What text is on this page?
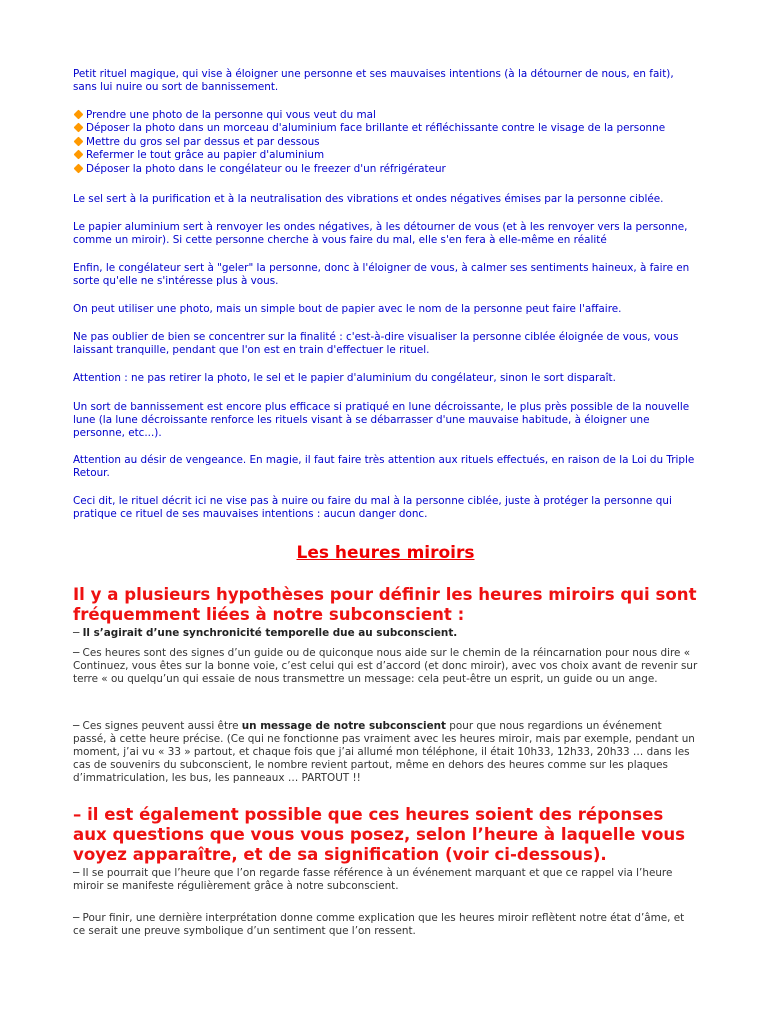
Petit rituel magique, qui vise à éloigner une personne et ses mauvaises intentions (à la détourner de nous, en fait), sans lui nuire ou sort de bannissement.

Prendre une photo de la personne qui vous veut du mal
Déposer la photo dans un morceau d'aluminium face brillante et réfléchissante contre le visage de la personne
Mettre du gros sel par dessus et par dessous
Refermer le tout grâce au papier d'aluminium
Déposer la photo dans le congélateur ou le freezer d'un réfrigérateur

Le sel sert à la purification et à la neutralisation des vibrations et ondes négatives émises par la personne ciblée.

Le papier aluminium sert à renvoyer les ondes négatives, à les détourner de vous (et à les renvoyer vers la personne, comme un miroir). Si cette personne cherche à vous faire du mal, elle s'en fera à elle-même en réalité

Enfin, le congélateur sert à "geler" la personne, donc à l'éloigner de vous, à calmer ses sentiments haineux, à faire en sorte qu'elle ne s'intéresse plus à vous.

On peut utiliser une photo, mais un simple bout de papier avec le nom de la personne peut faire l'affaire.

Ne pas oublier de bien se concentrer sur la finalité : c'est-à-dire visualiser la personne ciblée éloignée de vous, vous laissant tranquille, pendant que l'on est en train d'effectuer le rituel.

Attention : ne pas retirer la photo, le sel et le papier d'aluminium du congélateur, sinon le sort disparaît.

Un sort de bannissement est encore plus efficace si pratiqué en lune décroissante, le plus près possible de la nouvelle lune (la lune décroissante renforce les rituels visant à se débarrasser d'une mauvaise habitude, à éloigner une personne, etc...).

Attention au désir de vengeance. En magie, il faut faire très attention aux rituels effectués, en raison de la Loi du Triple Retour.

Ceci dit, le rituel décrit ici ne vise pas à nuire ou faire du mal à la personne ciblée, juste à protéger la personne qui pratique ce rituel de ses mauvaises intentions : aucun danger donc.

Les heures miroirs
Il y a plusieurs hypothèses pour définir les heures miroirs qui sont fréquemment liées à notre subconscient :

─ Il s’agirait d’une synchronicité temporelle due au subconscient.

─ Ces heures sont des signes d’un guide ou de quiconque nous aide sur le chemin de la réincarnation pour nous dire « Continuez, vous êtes sur la bonne voie, c’est celui qui est d’accord (et donc miroir), avec vos choix avant de revenir sur terre « ou quelqu’un qui essaie de nous transmettre un message: cela peut-être un esprit, un guide ou un ange.

─ Ces signes peuvent aussi être un message de notre subconscient pour que nous regardions un événement passé, à cette heure précise. (Ce qui ne fonctionne pas vraiment avec les heures miroir, mais par exemple, pendant un moment, j’ai vu « 33 » partout, et chaque fois que j’ai allumé mon téléphone, il était 10h33, 12h33, 20h33 … dans les cas de souvenirs du subconscient, le nombre revient partout, même en dehors des heures comme sur les plaques d’immatriculation, les bus, les panneaux … PARTOUT !!

– il est également possible que ces heures soient des réponses aux questions que vous vous posez, selon l’heure à laquelle vous voyez apparaître, et de sa signification (voir ci-dessous).

─ Il se pourrait que l’heure que l’on regarde fasse référence à un événement marquant et que ce rappel via l’heure miroir se manifeste régulièrement grâce à notre subconscient.

─ Pour finir, une dernière interprétation donne comme explication que les heures miroir reflètent notre état d’âme, et ce serait une preuve symbolique d’un sentiment que l’on ressent.
